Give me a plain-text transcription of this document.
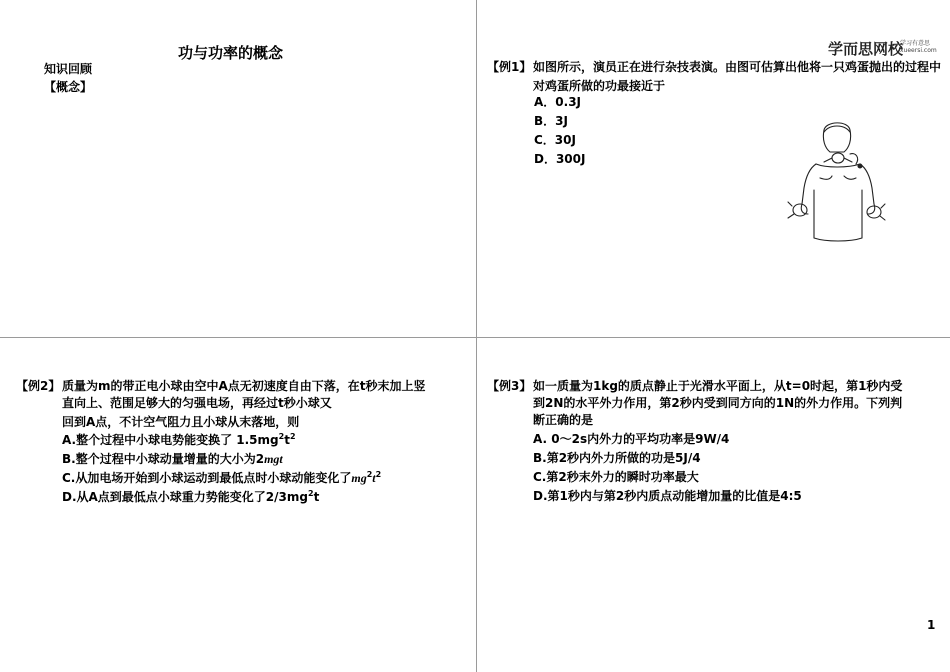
功与功率的概念
知识回顾
【概念】
学而思网校
学习有意思
xueersi.com
【例1】 如图所示，演员正在进行杂技表演。由图可估算出他将一只鸡蛋抛出的过程中对鸡蛋所做的功最接近于
A．0.3J
B．3J
C．30J
D．300J
【例2】 质量为m的带正电小球由空中A点无初速度自由下落，在t秒末加上竖
直向上、范围足够大的匀强电场，再经过t秒小球又
回到A点，不计空气阻力且小球从末落地，则
A.整个过程中小球电势能变换了 $1.5mg^2t^2$
B.整个过程中小球动量增量的大小为2mgt
C.从加电场开始到小球运动到最低点时小球动能变化了$mg^2t^2$
D.从A点到最低点小球重力势能变化了$2/3mg^2t$
【例3】 如一质量为1kg的质点静止于光滑水平面上，从t=0时起，第1秒内受
到2N的水平外力作用，第2秒内受到同方向的1N的外力作用。下列判
断正确的是
A. 0～2s内外力的平均功率是9W/4
B.第2秒内外力所做的功是5J/4
C.第2秒末外力的瞬时功率最大
D.第1秒内与第2秒内质点动能增加量的比值是4:5
1
